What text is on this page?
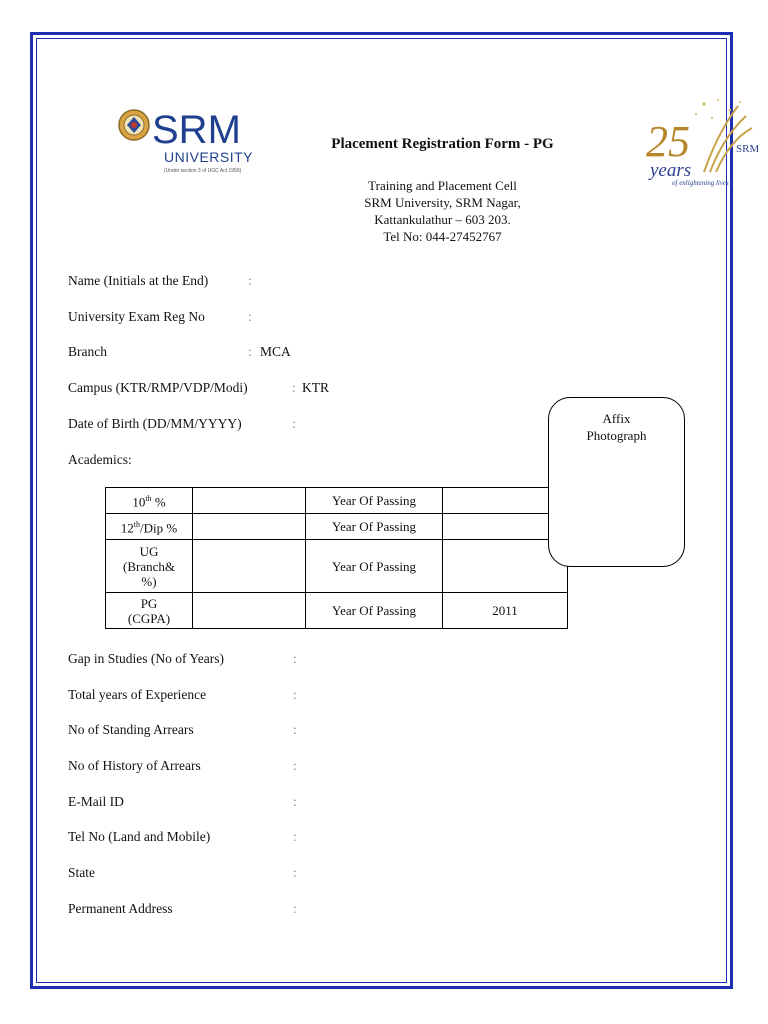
SRM
UNIVERSITY
(Under section 3 of UGC Act 1956)
25
years
of enlightening lives
SRM
Placement Registration Form - PG
Training and Placement Cell
SRM University, SRM Nagar,
Kattankulathur – 603 203.
Tel No: 044-27452767
Name (Initials at the End)	:
University Exam Reg No	:
Branch	: MCA
Campus (KTR/RMP/VDP/Modi)	: KTR
Date of Birth (DD/MM/YYYY)	:
Academics:
10th %		Year Of Passing	
12th/Dip %		Year Of Passing	

UG
(Branch&
%)		Year Of Passing	

PG
(CGPA)		Year Of Passing	2011
Affix
Photograph
Gap in Studies (No of Years)	:
Total years of Experience	:
No of Standing Arrears	:
No of History of Arrears	:
E-Mail ID	:
Tel No (Land and Mobile)	:
State	:
Permanent Address	:
